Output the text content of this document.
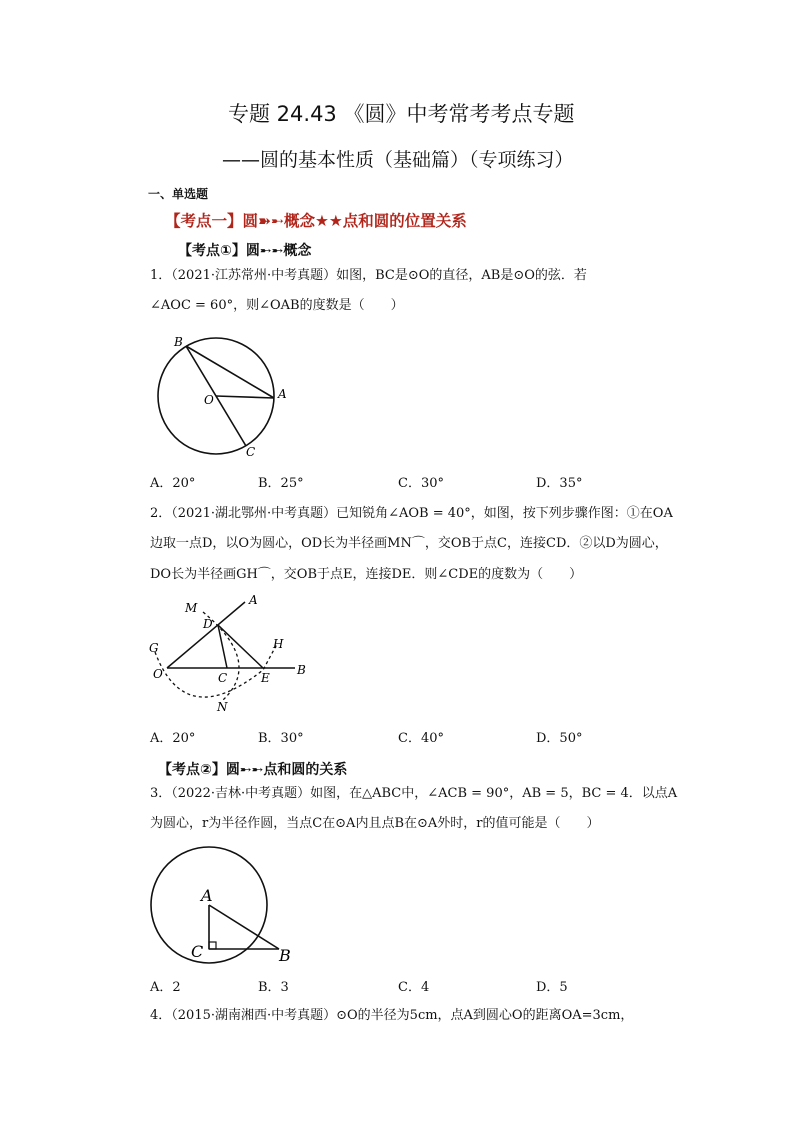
专题 24.43 《圆》中考常考考点专题
——圆的基本性质（基础篇）（专项练习）
一、单选题
【考点一】圆➽➸概念★★点和圆的位置关系
【考点①】圆➸➸概念
1．（2021·江苏常州·中考真题）如图，BC是⊙O的直径，AB是⊙O的弦．若
∠AOC = 60°，则∠OAB的度数是（　　）
B
O	A
C
A．20°	B．25°	C．30°	D．35°
2．（2021·湖北鄂州·中考真题）已知锐角∠AOB = 40°，如图，按下列步骤作图：①在OA
边取一点D，以O为圆心，OD长为半径画MN⌒，交OB于点C，连接CD．②以D为圆心，
DO长为半径画GH⌒，交OB于点E，连接DE．则∠CDE的度数为（　　）
M
A
D
G	H
O	C	E
B
N
A．20°	B．30°	C．40°	D．50°
【考点②】圆➸➸点和圆的关系
3．（2022·吉林·中考真题）如图，在△ABC中，∠ACB = 90°，AB = 5，BC = 4．以点A
为圆心，r为半径作圆，当点C在⊙A内且点B在⊙A外时，r的值可能是（　　）
A
C	B
A．2	B．3	C．4	D．5
4．（2015·湖南湘西·中考真题）⊙O的半径为5cm，点A到圆心O的距离OA=3cm，
